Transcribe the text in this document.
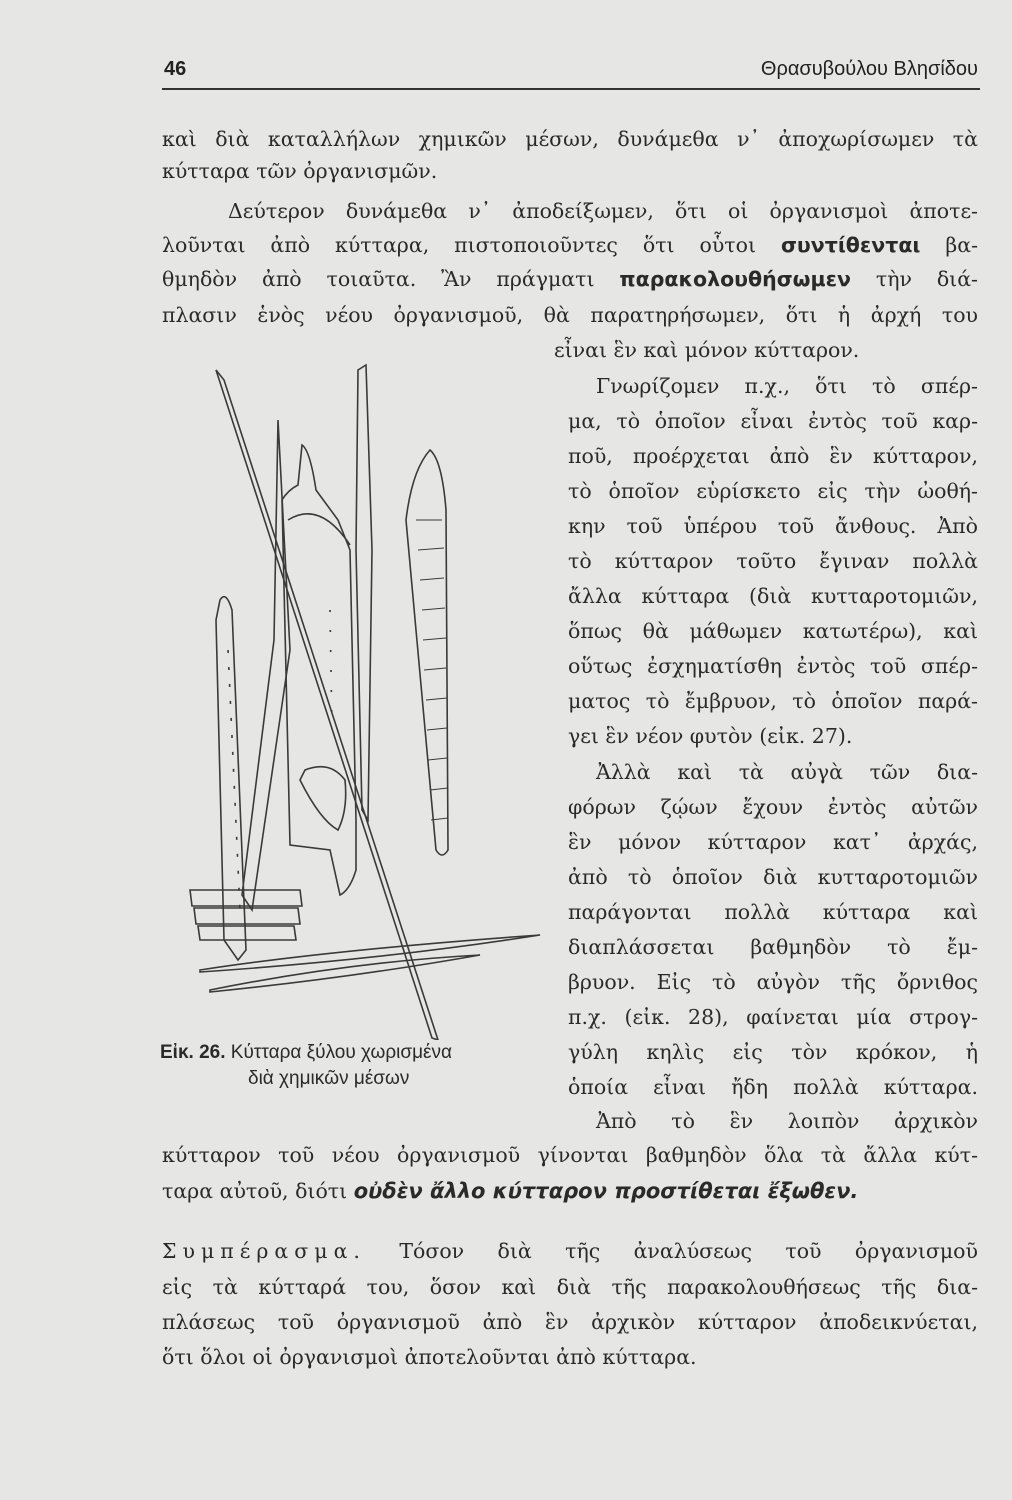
46	Θρασυβούλου Βλησίδου
καὶ διὰ καταλλήλων χημικῶν μέσων, δυνάμεθα ν᾽ ἀποχωρίσωμεν τὰ
κύτταρα τῶν ὀργανισμῶν.
Δεύτερον δυνάμεθα ν᾽ ἀποδείξωμεν, ὅτι οἱ ὀργανισμοὶ ἀποτε-
λοῦνται ἀπὸ κύτταρα, πιστοποιοῦντες ὅτι οὗτοι συντίθενται βα-
θμηδὸν ἀπὸ τοιαῦτα. Ἂν πράγματι παρακολουθήσωμεν τὴν διά-
πλασιν ἑνὸς νέου ὀργανισμοῦ, θὰ παρατηρήσωμεν, ὅτι ἡ ἀρχή του
εἶναι ἓν καὶ μόνον κύτταρον.
Γνωρίζομεν π.χ., ὅτι τὸ σπέρ-
μα, τὸ ὁποῖον εἶναι ἐντὸς τοῦ καρ-
ποῦ, προέρχεται ἀπὸ ἓν κύτταρον,
τὸ ὁποῖον εὑρίσκετο εἰς τὴν ὠοθή-
κην τοῦ ὑπέρου τοῦ ἄνθους. Ἀπὸ
τὸ κύτταρον τοῦτο ἔγιναν πολλὰ
ἄλλα κύτταρα (διὰ κυτταροτομιῶν,
ὅπως θὰ μάθωμεν κατωτέρω), καὶ
οὕτως ἐσχηματίσθη ἐντὸς τοῦ σπέρ-
ματος τὸ ἔμβρυον, τὸ ὁποῖον παρά-
γει ἓν νέον φυτὸν (εἰκ. 27).
Ἀλλὰ καὶ τὰ αὐγὰ τῶν δια-
φόρων ζῴων ἔχουν ἐντὸς αὐτῶν
ἓν μόνον κύτταρον κατ᾽ ἀρχάς,
ἀπὸ τὸ ὁποῖον διὰ κυτταροτομιῶν
παράγονται πολλὰ κύτταρα καὶ
διαπλάσσεται βαθμηδὸν τὸ ἔμ-
βρυον. Εἰς τὸ αὐγὸν τῆς ὄρνιθος
π.χ. (εἰκ. 28), φαίνεται μία στρογ-
γύλη κηλὶς εἰς τὸν κρόκον, ἡ
ὁποία εἶναι ἤδη πολλὰ κύτταρα.
Ἀπὸ τὸ ἓν λοιπὸν ἀρχικὸν
κύτταρον τοῦ νέου ὀργανισμοῦ γίνονται βαθμηδὸν ὅλα τὰ ἄλλα κύτ-
ταρα αὐτοῦ, διότι οὐδὲν ἄλλο κύτταρον προστίθεται ἔξωθεν.
Συμπέρασμα. Τόσον διὰ τῆς ἀναλύσεως τοῦ ὀργανισμοῦ
εἰς τὰ κύτταρά του, ὅσον καὶ διὰ τῆς παρακολουθήσεως τῆς δια-
πλάσεως τοῦ ὀργανισμοῦ ἀπὸ ἓν ἀρχικὸν κύτταρον ἀποδεικνύεται,
ὅτι ὅλοι οἱ ὀργανισμοὶ ἀποτελοῦνται ἀπὸ κύτταρα.
Εἰκ. 26. Κύτταρα ξύλου χωρισμένα
διὰ χημικῶν μέσων
